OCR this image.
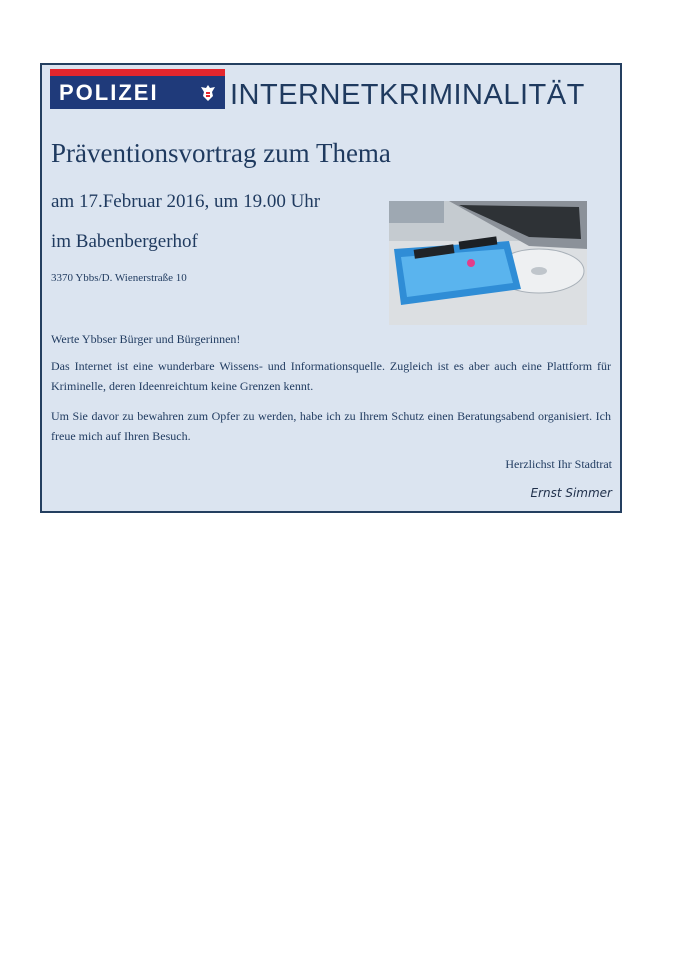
POLIZEI INTERNETKRIMINALITÄT
Präventionsvortrag zum Thema
am 17.Februar 2016, um 19.00 Uhr
im Babenbergerhof
3370 Ybbs/D. Wienerstraße 10
Werte Ybbser Bürger und Bürgerinnen!
Das Internet ist eine wunderbare Wissens- und Informationsquelle. Zugleich ist es aber auch eine Plattform für Kriminelle, deren Ideenreichtum keine Grenzen kennt.
Um Sie davor zu bewahren zum Opfer zu werden, habe ich zu Ihrem Schutz einen Beratungsabend organisiert. Ich freue mich auf Ihren Besuch.
Herzlichst Ihr Stadtrat
Ernst Simmer
